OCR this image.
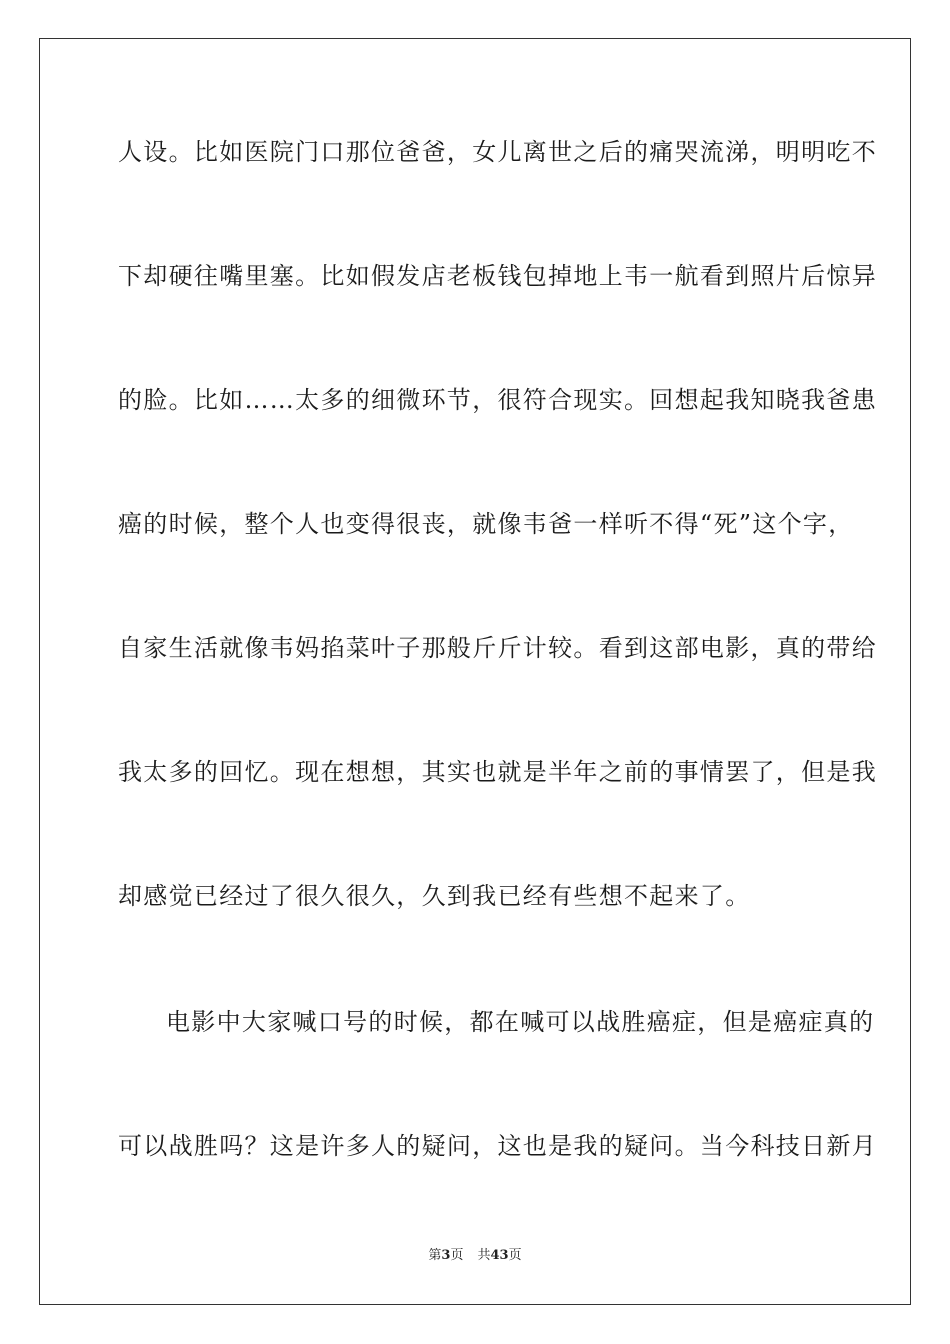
人设。比如医院门口那位爸爸，女儿离世之后的痛哭流涕，明明吃不
下却硬往嘴里塞。比如假发店老板钱包掉地上韦一航看到照片后惊异
的脸。比如……太多的细微环节，很符合现实。回想起我知晓我爸患
癌的时候，整个人也变得很丧，就像韦爸一样听不得“死”这个字，
自家生活就像韦妈掐菜叶子那般斤斤计较。看到这部电影，真的带给
我太多的回忆。现在想想，其实也就是半年之前的事情罢了，但是我
却感觉已经过了很久很久，久到我已经有些想不起来了。
电影中大家喊口号的时候，都在喊可以战胜癌症，但是癌症真的
可以战胜吗？这是许多人的疑问，这也是我的疑问。当今科技日新月
第3页 共43页
